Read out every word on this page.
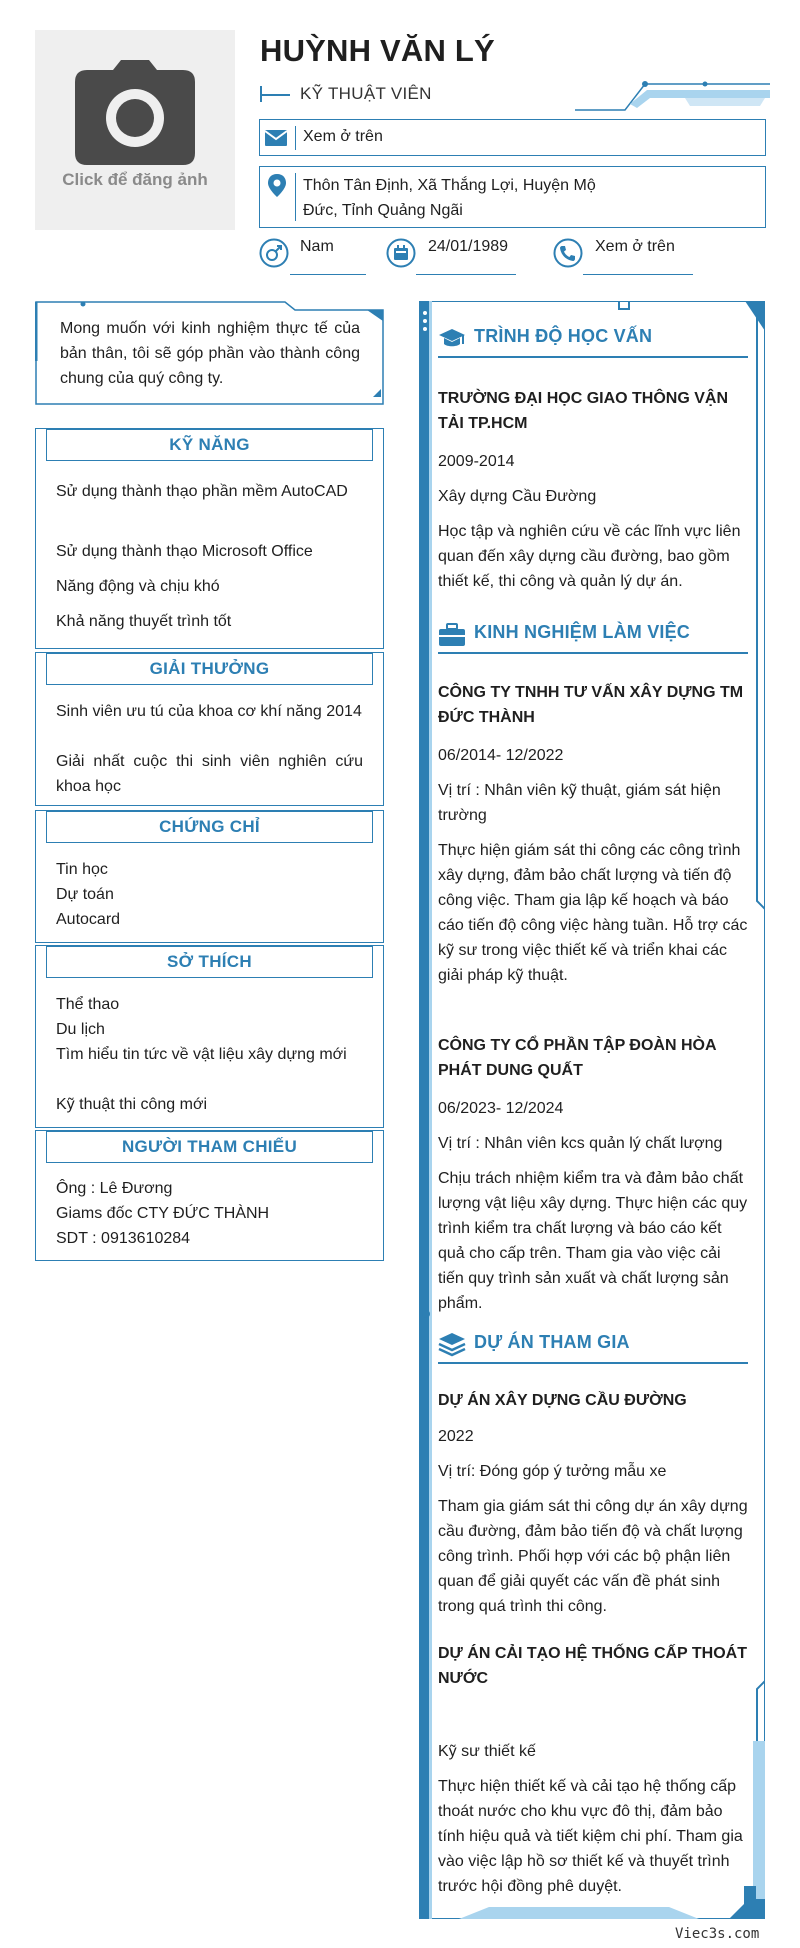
Click để đăng ảnh
HUỲNH VĂN LÝ
KỸ THUẬT VIÊN
Xem ở trên
Thôn Tân Định, Xã Thắng Lợi, Huyện Mộ Đức, Tỉnh Quảng Ngãi
Nam	24/01/1989	Xem ở trên
Mong muốn với kinh nghiệm thực tế của bản thân, tôi sẽ góp phần vào thành công chung của quý công ty.
KỸ NĂNG
Sử dụng thành thạo phần mềm AutoCAD
Sử dụng thành thạo Microsoft Office
Năng động và chịu khó
Khả năng thuyết trình tốt
GIẢI THƯỞNG
Sinh viên ưu tú của khoa cơ khí năng 2014
Giải nhất cuộc thi sinh viên nghiên cứu khoa học
CHỨNG CHỈ
Tin học
Dự toán
Autocard
SỞ THÍCH
Thể thao
Du lịch
Tìm hiểu tin tức về vật liệu xây dựng mới
Kỹ thuật thi công mới
NGƯỜI THAM CHIẾU
Ông : Lê Đương
Giams đốc CTY ĐỨC THÀNH
SDT : 0913610284
TRÌNH ĐỘ HỌC VẤN
TRƯỜNG ĐẠI HỌC GIAO THÔNG VẬN TẢI TP.HCM
2009-2014
Xây dựng Cầu Đường
Học tập và nghiên cứu về các lĩnh vực liên quan đến xây dựng cầu đường, bao gồm thiết kế, thi công và quản lý dự án.
KINH NGHIỆM LÀM VIỆC
CÔNG TY TNHH TƯ VẤN XÂY DỰNG TM ĐỨC THÀNH
06/2014- 12/2022
Vị trí : Nhân viên kỹ thuật, giám sát hiện trường
Thực hiện giám sát thi công các công trình xây dựng, đảm bảo chất lượng và tiến độ công việc. Tham gia lập kế hoạch và báo cáo tiến độ công việc hàng tuần. Hỗ trợ các kỹ sư trong việc thiết kế và triển khai các giải pháp kỹ thuật.
CÔNG TY CỔ PHẦN TẬP ĐOÀN HÒA PHÁT DUNG QUẤT
06/2023- 12/2024
Vị trí : Nhân viên kcs quản lý chất lượng
Chịu trách nhiệm kiểm tra và đảm bảo chất lượng vật liệu xây dựng. Thực hiện các quy trình kiểm tra chất lượng và báo cáo kết quả cho cấp trên. Tham gia vào việc cải tiến quy trình sản xuất và chất lượng sản phẩm.
DỰ ÁN THAM GIA
DỰ ÁN XÂY DỰNG CẦU ĐƯỜNG
2022
Vị trí: Đóng góp ý tưởng mẫu xe
Tham gia giám sát thi công dự án xây dựng cầu đường, đảm bảo tiến độ và chất lượng công trình. Phối hợp với các bộ phận liên quan để giải quyết các vấn đề phát sinh trong quá trình thi công.
DỰ ÁN CẢI TẠO HỆ THỐNG CẤP THOÁT NƯỚC
Kỹ sư thiết kế
Thực hiện thiết kế và cải tạo hệ thống cấp thoát nước cho khu vực đô thị, đảm bảo tính hiệu quả và tiết kiệm chi phí. Tham gia vào việc lập hồ sơ thiết kế và thuyết trình trước hội đồng phê duyệt.
Viec3s.com
